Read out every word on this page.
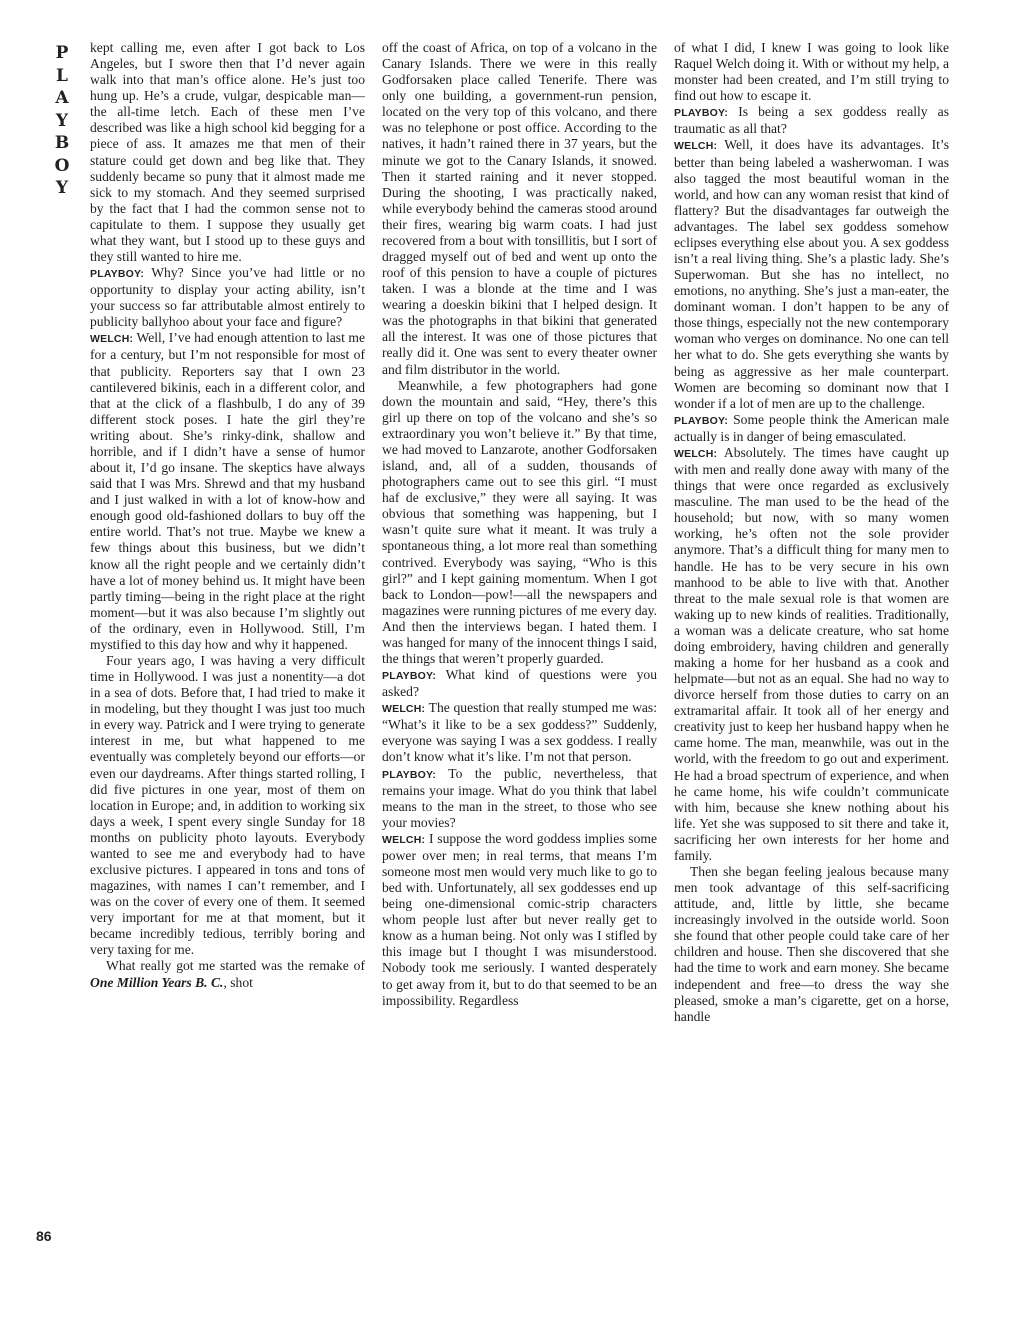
P
L
A
Y
B
O
Y
86

kept calling me, even after I got back to Los Angeles, but I swore then that I’d never again walk into that man’s office alone. He’s just too hung up. He’s a crude, vulgar, despicable man—the all-time letch. Each of these men I’ve described was like a high school kid begging for a piece of ass. It amazes me that men of their stature could get down and beg like that. They suddenly became so puny that it almost made me sick to my stomach. And they seemed surprised by the fact that I had the common sense not to capitulate to them. I suppose they usually get what they want, but I stood up to these guys and they still wanted to hire me.

PLAYBOY: Why? Since you’ve had little or no opportunity to display your acting ability, isn’t your success so far attributable almost entirely to publicity ballyhoo about your face and figure?

WELCH: Well, I’ve had enough attention to last me for a century, but I’m not responsible for most of that publicity. Reporters say that I own 23 cantilevered bikinis, each in a different color, and that at the click of a flashbulb, I do any of 39 different stock poses. I hate the girl they’re writing about. She’s rinky-dink, shallow and horrible, and if I didn’t have a sense of humor about it, I’d go insane. The skeptics have always said that I was Mrs. Shrewd and that my husband and I just walked in with a lot of know-how and enough good old-fashioned dollars to buy off the entire world. That’s not true. Maybe we knew a few things about this business, but we didn’t know all the right people and we certainly didn’t have a lot of money behind us. It might have been partly timing—being in the right place at the right moment—but it was also because I’m slightly out of the ordinary, even in Hollywood. Still, I’m mystified to this day how and why it happened.

Four years ago, I was having a very difficult time in Hollywood. I was just a nonentity—a dot in a sea of dots. Before that, I had tried to make it in modeling, but they thought I was just too much in every way. Patrick and I were trying to generate interest in me, but what happened to me eventually was completely beyond our efforts—or even our daydreams. After things started rolling, I did five pictures in one year, most of them on location in Europe; and, in addition to working six days a week, I spent every single Sunday for 18 months on publicity photo layouts. Everybody wanted to see me and everybody had to have exclusive pictures. I appeared in tons and tons of magazines, with names I can’t remember, and I was on the cover of every one of them. It seemed very important for me at that moment, but it became incredibly tedious, terribly boring and very taxing for me.

What really got me started was the remake of One Million Years B. C., shot

off the coast of Africa, on top of a volcano in the Canary Islands. There we were in this really Godforsaken place called Tenerife. There was only one building, a government-run pension, located on the very top of this volcano, and there was no telephone or post office. According to the natives, it hadn’t rained there in 37 years, but the minute we got to the Canary Islands, it snowed. Then it started raining and it never stopped. During the shooting, I was practically naked, while everybody behind the cameras stood around their fires, wearing big warm coats. I had just recovered from a bout with tonsillitis, but I sort of dragged myself out of bed and went up onto the roof of this pension to have a couple of pictures taken. I was a blonde at the time and I was wearing a doeskin bikini that I helped design. It was the photographs in that bikini that generated all the interest. It was one of those pictures that really did it. One was sent to every theater owner and film distributor in the world.

Meanwhile, a few photographers had gone down the mountain and said, “Hey, there’s this girl up there on top of the volcano and she’s so extraordinary you won’t believe it.” By that time, we had moved to Lanzarote, another Godforsaken island, and, all of a sudden, thousands of photographers came out to see this girl. “I must haf de exclusive,” they were all saying. It was obvious that something was happening, but I wasn’t quite sure what it meant. It was truly a spontaneous thing, a lot more real than something contrived. Everybody was saying, “Who is this girl?” and I kept gaining momentum. When I got back to London—pow!—all the newspapers and magazines were running pictures of me every day. And then the interviews began. I hated them. I was hanged for many of the innocent things I said, the things that weren’t properly guarded.

PLAYBOY: What kind of questions were you asked?

WELCH: The question that really stumped me was: “What’s it like to be a sex goddess?” Suddenly, everyone was saying I was a sex goddess. I really don’t know what it’s like. I’m not that person.

PLAYBOY: To the public, nevertheless, that remains your image. What do you think that label means to the man in the street, to those who see your movies?

WELCH: I suppose the word goddess implies some power over men; in real terms, that means I’m someone most men would very much like to go to bed with. Unfortunately, all sex goddesses end up being one-dimensional comic-strip characters whom people lust after but never really get to know as a human being. Not only was I stifled by this image but I thought I was misunderstood. Nobody took me seriously. I wanted desperately to get away from it, but to do that seemed to be an impossibility. Regardless

of what I did, I knew I was going to look like Raquel Welch doing it. With or without my help, a monster had been created, and I’m still trying to find out how to escape it.

PLAYBOY: Is being a sex goddess really as traumatic as all that?

WELCH: Well, it does have its advantages. It’s better than being labeled a washerwoman. I was also tagged the most beautiful woman in the world, and how can any woman resist that kind of flattery? But the disadvantages far outweigh the advantages. The label sex goddess somehow eclipses everything else about you. A sex goddess isn’t a real living thing. She’s a plastic lady. She’s Superwoman. But she has no intellect, no emotions, no anything. She’s just a man-eater, the dominant woman. I don’t happen to be any of those things, especially not the new contemporary woman who verges on dominance. No one can tell her what to do. She gets everything she wants by being as aggressive as her male counterpart. Women are becoming so dominant now that I wonder if a lot of men are up to the challenge.

PLAYBOY: Some people think the American male actually is in danger of being emasculated.

WELCH: Absolutely. The times have caught up with men and really done away with many of the things that were once regarded as exclusively masculine. The man used to be the head of the household; but now, with so many women working, he’s often not the sole provider anymore. That’s a difficult thing for many men to handle. He has to be very secure in his own manhood to be able to live with that. Another threat to the male sexual role is that women are waking up to new kinds of realities. Traditionally, a woman was a delicate creature, who sat home doing embroidery, having children and generally making a home for her husband as a cook and helpmate—but not as an equal. She had no way to divorce herself from those duties to carry on an extramarital affair. It took all of her energy and creativity just to keep her husband happy when he came home. The man, meanwhile, was out in the world, with the freedom to go out and experiment. He had a broad spectrum of experience, and when he came home, his wife couldn’t communicate with him, because she knew nothing about his life. Yet she was supposed to sit there and take it, sacrificing her own interests for her home and family.

Then she began feeling jealous because many men took advantage of this self-sacrificing attitude, and, little by little, she became increasingly involved in the outside world. Soon she found that other people could take care of her children and house. Then she discovered that she had the time to work and earn money. She became independent and free—to dress the way she pleased, smoke a man’s cigarette, get on a horse, handle
